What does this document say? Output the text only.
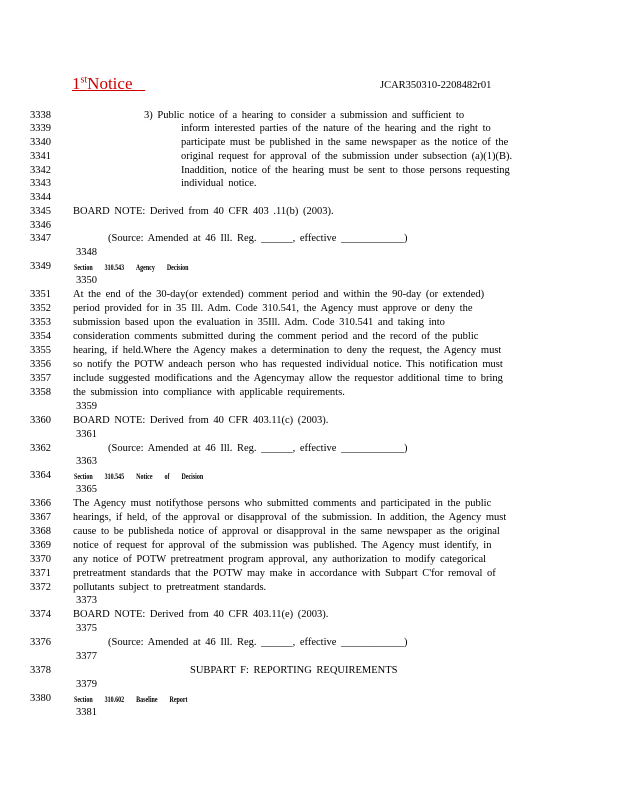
1stNotice	JCAR350310-2208482r01
3338
3339
3340
3341
3342
3343
3344
3345
3346
3347
3349
3351
3352
3353
3354
3355
3356
3357
3358
3360
3362
3364
3366
3367
3368
3369
3370
3371
3372
3374
3376
3378
3380
3348
3350
3359
3361
3363
3365
3373
3375
3377
3379
3381
3) Public notice of a hearing to consider a submission and sufficient to
inform interested parties of the nature of the hearing and the right to
participate must be published in the same newspaper as the notice of the
original request for approval of the submission under subsection (a)(1)(B).
Inaddition, notice of the hearing must be sent to those persons requesting
individual notice.
BOARD NOTE: Derived from 40 CFR 403 .11(b) (2003).
(Source: Amended at 46 Ill. Reg. ______, effective ____________)
Section 310.543 Agency Decision
At the end of the 30-day(or extended) comment period and within the 90-day (or extended)
period provided for in 35 Ill. Adm. Code 310.541, the Agency must approve or deny the
submission based upon the evaluation in 35Ill. Adm. Code 310.541 and taking into
consideration comments submitted during the comment period and the record of the public
hearing, if held.Where the Agency makes a determination to deny the request, the Agency must
so notify the POTW andeach person who has requested individual notice. This notification must
include suggested modifications and the Agencymay allow the requestor additional time to bring
the submission into compliance with applicable requirements.
BOARD NOTE: Derived from 40 CFR 403.11(c) (2003).
(Source: Amended at 46 Ill. Reg. ______, effective ____________)
Section 310.545 Notice of Decision
The Agency must notifythose persons who submitted comments and participated in the public
hearings, if held, of the approval or disapproval of the submission. In addition, the Agency must
cause to be publisheda notice of approval or disapproval in the same newspaper as the original
notice of request for approval of the submission was published. The Agency must identify, in
any notice of POTW pretreatment program approval, any authorization to modify categorical
pretreatment standards that the POTW may make in accordance with Subpart C'for removal of
pollutants subject to pretreatment standards.
BOARD NOTE: Derived from 40 CFR 403.11(e) (2003).
(Source: Amended at 46 Ill. Reg. ______, effective ____________)
SUBPART F: REPORTING REQUIREMENTS
Section 310.602 Baseline Report
